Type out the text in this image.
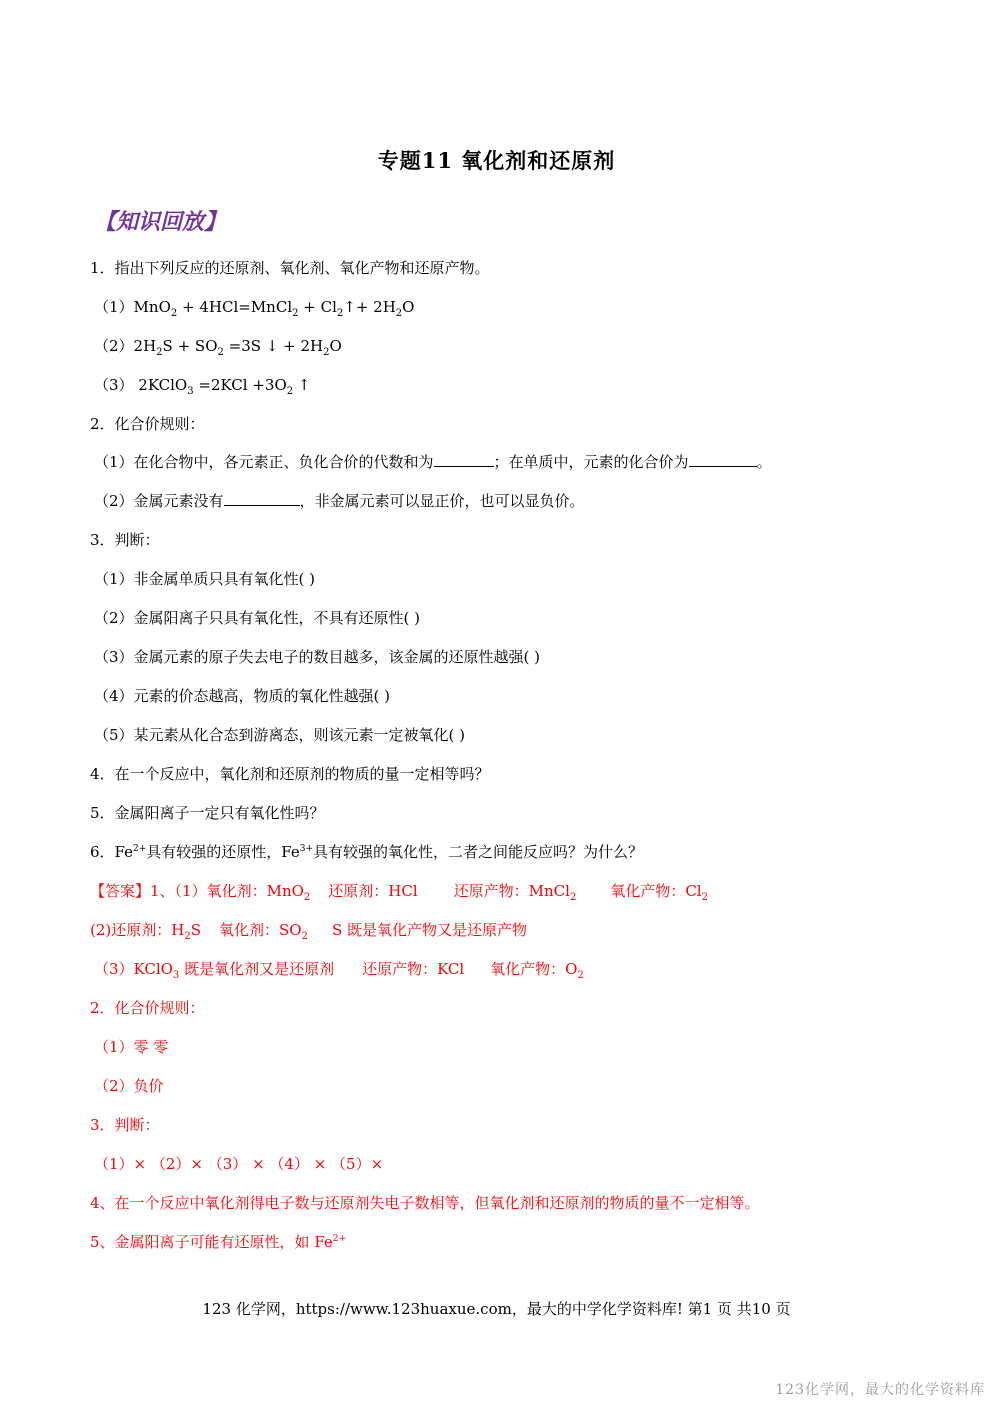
专题11 氧化剂和还原剂
【知识回放】
1．指出下列反应的还原剂、氧化剂、氧化产物和还原产物。
（1）MnO$_2$ + 4HCl=MnCl$_2$ + $Cl_2↑+ 2H_2O$
$(2)2H_2S + SO_2 =3S$ ↓ + $2H_2O$
（3） 2KClO$_3$ $=2KCl +3O_2$ ↑
2．化合价规则：
（1）在化合物中，各元素正、负化合价的代数和为	；在单质中，元素的化合价为	。
（2）金属元素没有	，非金属元素可以显正价，也可以显负价。
3．判断：
（1）非金属单质只具有氧化性( )
（2）金属阳离子只具有氧化性，不具有还原性( )
（3）金属元素的原子失去电子的数目越多，该金属的还原性越强( )
（4）元素的价态越高，物质的氧化性越强( )
（5）某元素从化合态到游离态，则该元素一定被氧化( )
4．在一个反应中，氧化剂和还原剂的物质的量一定相等吗？
5．金属阳离子一定只有氧化性吗？
6．$Fe^{2+}$具有较强的还原性，$Fe^{3+}$具有较强的氧化性，二者之间能反应吗？为什么？
【答案】1、（1）氧化剂：MnO$_2$ 还原剂：HCl 还原产物：MnCl$_2$ 氧化产物：$Cl_2$
(2)还原剂：$H_2S$ 氧化剂：$SO_2$ S 既是氧化产物又是还原产物
（3）KClO$_3$ 既是氧化剂又是还原剂 还原产物：KCl 氧化产物：$O_2$
2．化合价规则：
（1）零 零
（2）负价
3．判断：
（1）× （2）× （3） × （4） × （5）×
4、在一个反应中氧化剂得电子数与还原剂失电子数相等，但氧化剂和还原剂的物质的量不一定相等。
5、金属阳离子可能有还原性，如 $Fe^{2+}$
123 化学网，https://www.123huaxue.com，最大的中学化学资料库! 第1 页 共10 页
123化学网，最大的化学资料库
